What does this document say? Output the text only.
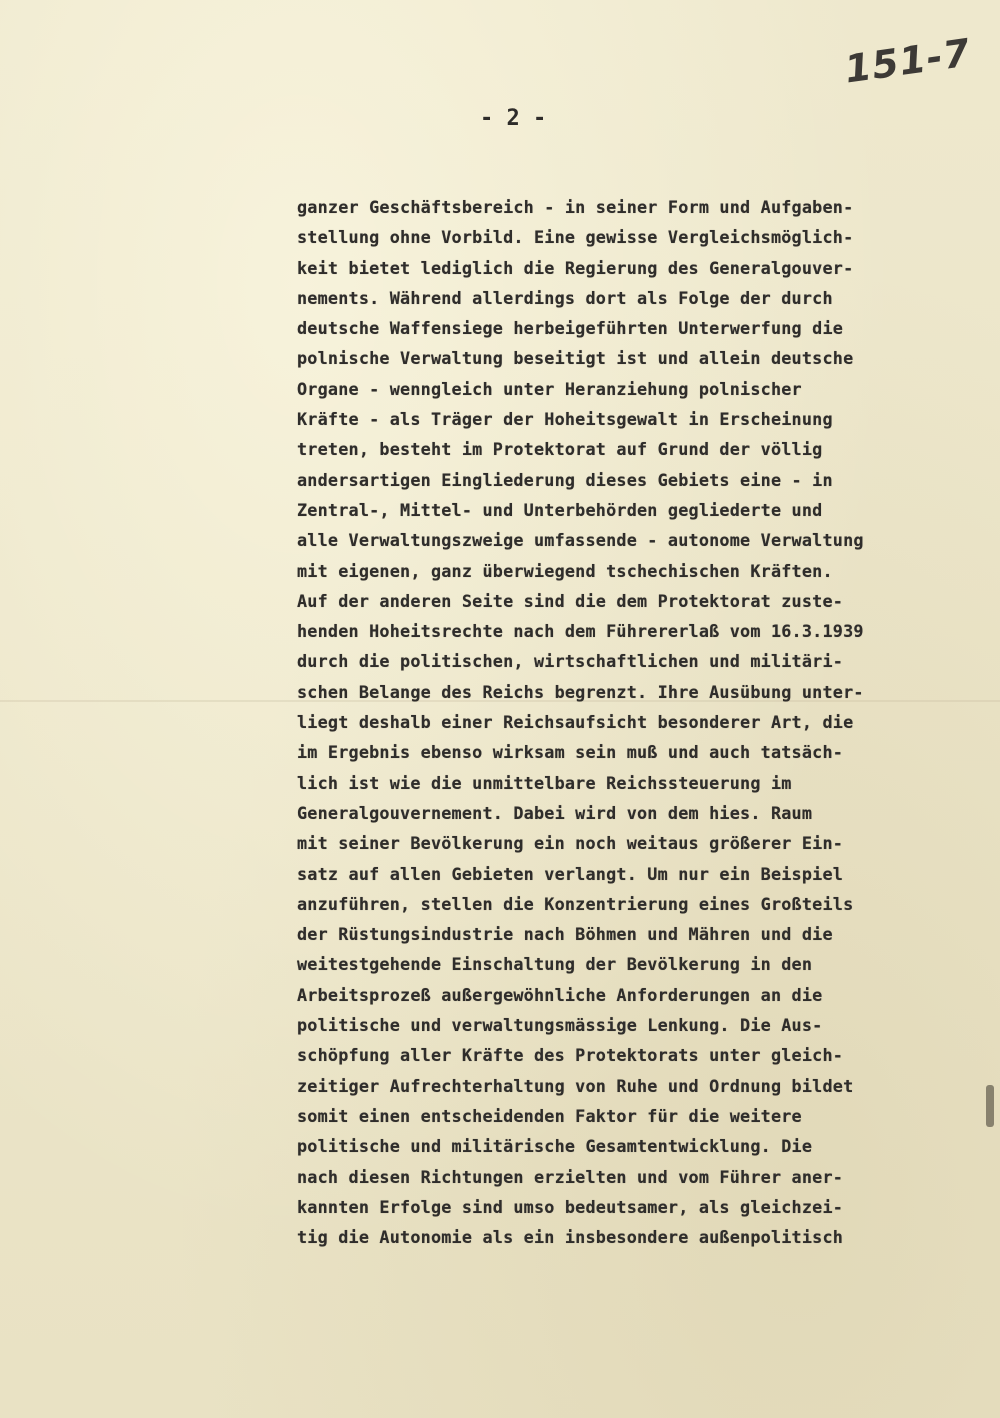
151-7
- 2 -
ganzer Geschäftsbereich - in seiner Form und Aufgaben-
stellung ohne Vorbild. Eine gewisse Vergleichsmöglich-
keit bietet lediglich die Regierung des Generalgouver-
nements. Während allerdings dort als Folge der durch
deutsche Waffensiege herbeigeführten Unterwerfung die
polnische Verwaltung beseitigt ist und allein deutsche
Organe - wenngleich unter Heranziehung polnischer
Kräfte - als Träger der Hoheitsgewalt in Erscheinung
treten, besteht im Protektorat auf Grund der völlig
andersartigen Eingliederung dieses Gebiets eine - in
Zentral-, Mittel- und Unterbehörden gegliederte und
alle Verwaltungszweige umfassende - autonome Verwaltung
mit eigenen, ganz überwiegend tschechischen Kräften.
Auf der anderen Seite sind die dem Protektorat zuste-
henden Hoheitsrechte nach dem Führererlaß vom 16.3.1939
durch die politischen, wirtschaftlichen und militäri-
schen Belange des Reichs begrenzt. Ihre Ausübung unter-
liegt deshalb einer Reichsaufsicht besonderer Art, die
im Ergebnis ebenso wirksam sein muß und auch tatsäch-
lich ist wie die unmittelbare Reichssteuerung im
Generalgouvernement. Dabei wird von dem hies. Raum
mit seiner Bevölkerung ein noch weitaus größerer Ein-
satz auf allen Gebieten verlangt. Um nur ein Beispiel
anzuführen, stellen die Konzentrierung eines Großteils
der Rüstungsindustrie nach Böhmen und Mähren und die
weitestgehende Einschaltung der Bevölkerung in den
Arbeitsprozeß außergewöhnliche Anforderungen an die
politische und verwaltungsmässige Lenkung. Die Aus-
schöpfung aller Kräfte des Protektorats unter gleich-
zeitiger Aufrechterhaltung von Ruhe und Ordnung bildet
somit einen entscheidenden Faktor für die weitere
politische und militärische Gesamtentwicklung. Die
nach diesen Richtungen erzielten und vom Führer aner-
kannten Erfolge sind umso bedeutsamer, als gleichzei-
tig die Autonomie als ein insbesondere außenpolitisch
